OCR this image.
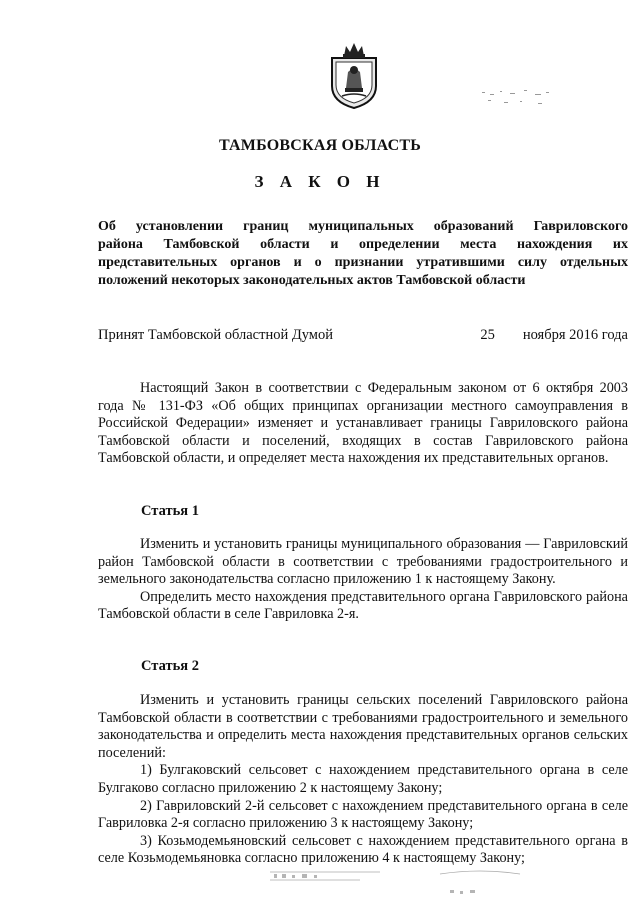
ТАМБОВСКАЯ ОБЛАСТЬ
З А К О Н
Об установлении границ муниципальных образований Гавриловского
района Тамбовской области и определении места нахождения их
представительных органов и о признании утратившими силу отдельных
положений некоторых законодательных актов Тамбовской области
Принят Тамбовской областной Думой	25 ноября 2016 года

Настоящий Закон в соответствии с Федеральным законом от 6 октября 2003 года № 131-ФЗ «Об общих принципах организации местного самоуправления в Российской Федерации» изменяет и устанавливает границы Гавриловского района Тамбовской области и поселений, входящих в состав Гавриловского района Тамбовской области, и определяет места нахождения их представительных органов.

Статья 1

Изменить и установить границы муниципального образования — Гавриловский район Тамбовской области в соответствии с требованиями градостроительного и земельного законодательства согласно приложению 1 к настоящему Закону.

Определить место нахождения представительного органа Гавриловского района Тамбовской области в селе Гавриловка 2-я.

Статья 2

Изменить и установить границы сельских поселений Гавриловского района Тамбовской области в соответствии с требованиями градостроительного и земельного законодательства и определить места нахождения представительных органов сельских поселений:

1) Булгаковский сельсовет с нахождением представительного органа в селе Булгаково согласно приложению 2 к настоящему Закону;

2) Гавриловский 2-й сельсовет с нахождением представительного органа в селе Гавриловка 2-я согласно приложению 3 к настоящему Закону;

3) Козьмодемьяновский сельсовет с нахождением представительного органа в селе Козьмодемьяновка согласно приложению 4 к настоящему Закону;
